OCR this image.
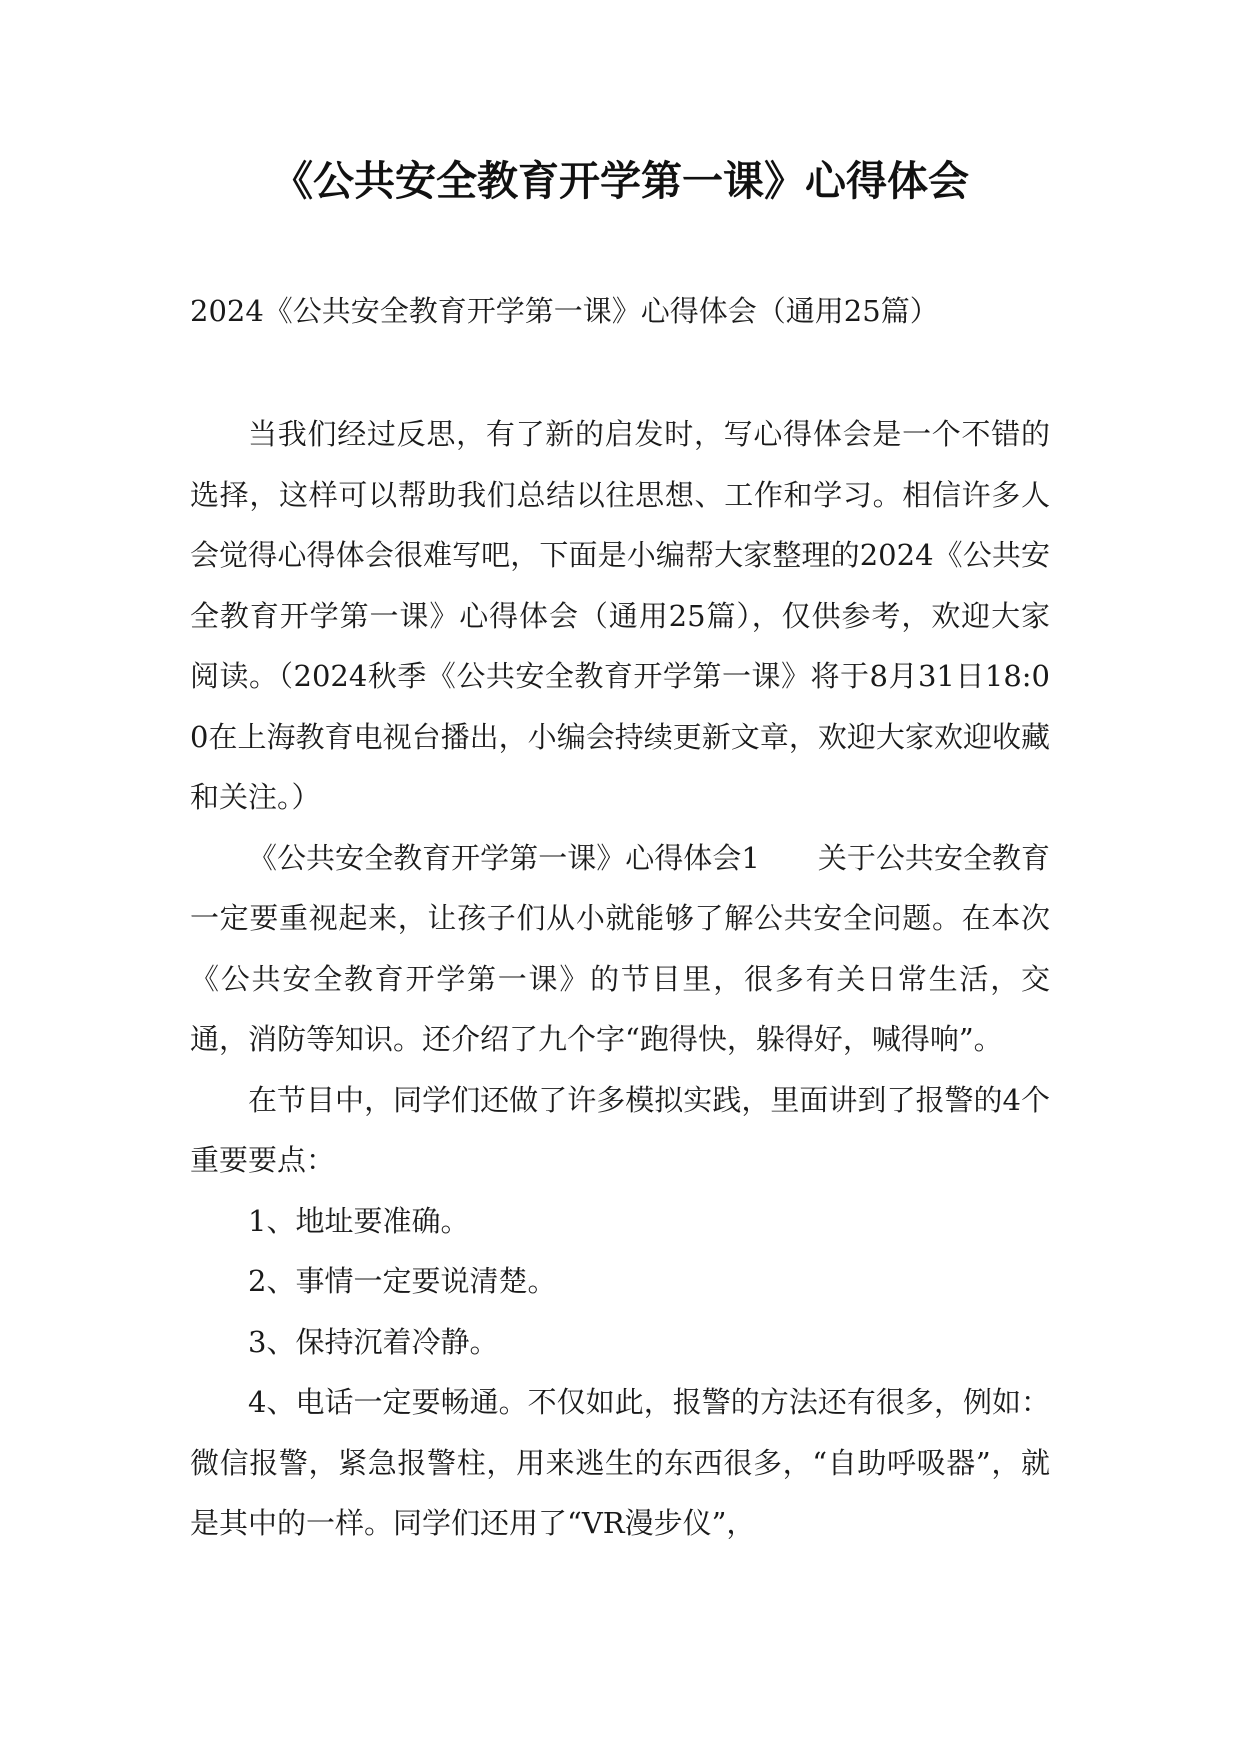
《公共安全教育开学第一课》心得体会

2024《公共安全教育开学第一课》心得体会（通用25篇）

当我们经过反思，有了新的启发时，写心得体会是一个不错的选择，这样可以帮助我们总结以往思想、工作和学习。相信许多人会觉得心得体会很难写吧，下面是小编帮大家整理的2024《公共安全教育开学第一课》心得体会（通用25篇），仅供参考，欢迎大家阅读。（2024秋季《公共安全教育开学第一课》将于8月31日18:00在上海教育电视台播出，小编会持续更新文章，欢迎大家欢迎收藏和关注。）

《公共安全教育开学第一课》心得体会1　　关于公共安全教育一定要重视起来，让孩子们从小就能够了解公共安全问题。在本次《公共安全教育开学第一课》的节目里，很多有关日常生活，交通，消防等知识。还介绍了九个字“跑得快，躲得好，喊得响”。

在节目中，同学们还做了许多模拟实践，里面讲到了报警的4个重要要点：

1、地址要准确。

2、事情一定要说清楚。

3、保持沉着冷静。

4、电话一定要畅通。不仅如此，报警的方法还有很多，例如：微信报警，紧急报警柱，用来逃生的东西很多，“自助呼吸器”，就是其中的一样。同学们还用了“VR漫步仪”，
